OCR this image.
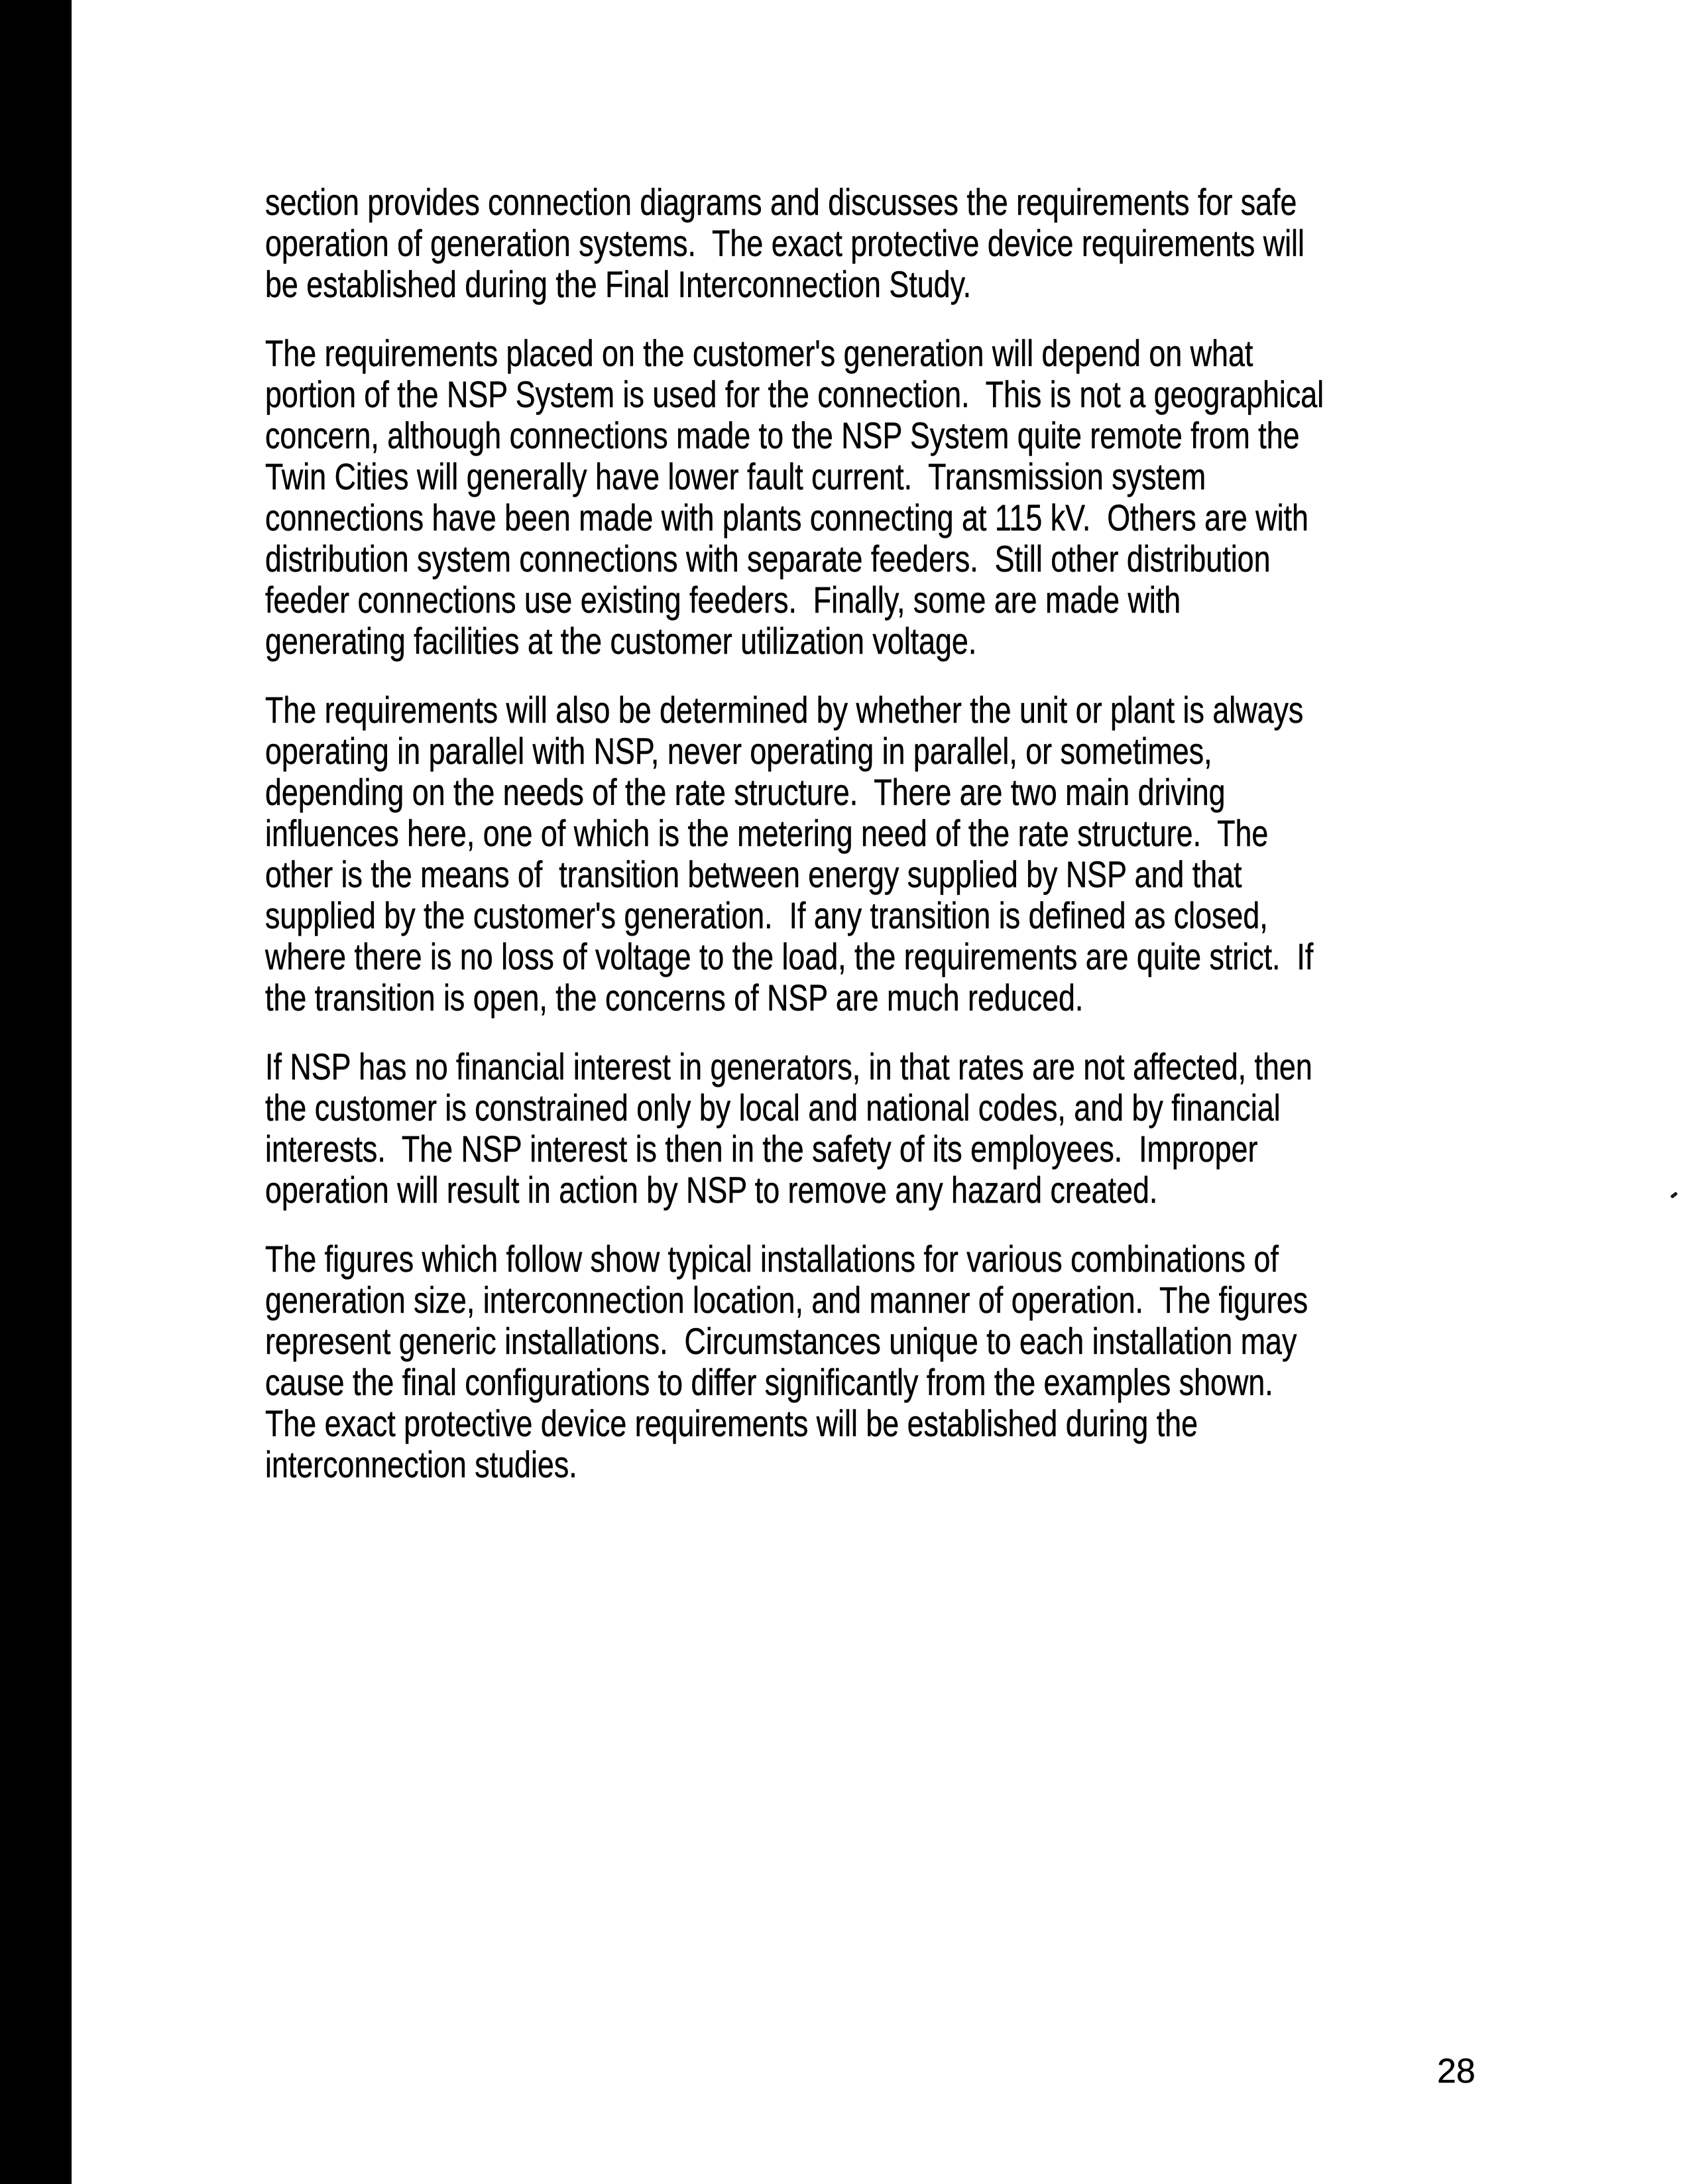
section provides connection diagrams and discusses the requirements for safe
operation of generation systems.  The exact protective device requirements will
be established during the Final Interconnection Study.
The requirements placed on the customer's generation will depend on what
portion of the NSP System is used for the connection.  This is not a geographical
concern, although connections made to the NSP System quite remote from the
Twin Cities will generally have lower fault current.  Transmission system
connections have been made with plants connecting at 115 kV.  Others are with
distribution system connections with separate feeders.  Still other distribution
feeder connections use existing feeders.  Finally, some are made with
generating facilities at the customer utilization voltage.
The requirements will also be determined by whether the unit or plant is always
operating in parallel with NSP, never operating in parallel, or sometimes,
depending on the needs of the rate structure.  There are two main driving
influences here, one of which is the metering need of the rate structure.  The
other is the means of  transition between energy supplied by NSP and that
supplied by the customer's generation.  If any transition is defined as closed,
where there is no loss of voltage to the load, the requirements are quite strict.  If
the transition is open, the concerns of NSP are much reduced.
If NSP has no financial interest in generators, in that rates are not affected, then
the customer is constrained only by local and national codes, and by financial
interests.  The NSP interest is then in the safety of its employees.  Improper
operation will result in action by NSP to remove any hazard created.
The figures which follow show typical installations for various combinations of
generation size, interconnection location, and manner of operation.  The figures
represent generic installations.  Circumstances unique to each installation may
cause the final configurations to differ significantly from the examples shown.
The exact protective device requirements will be established during the
interconnection studies.
28
